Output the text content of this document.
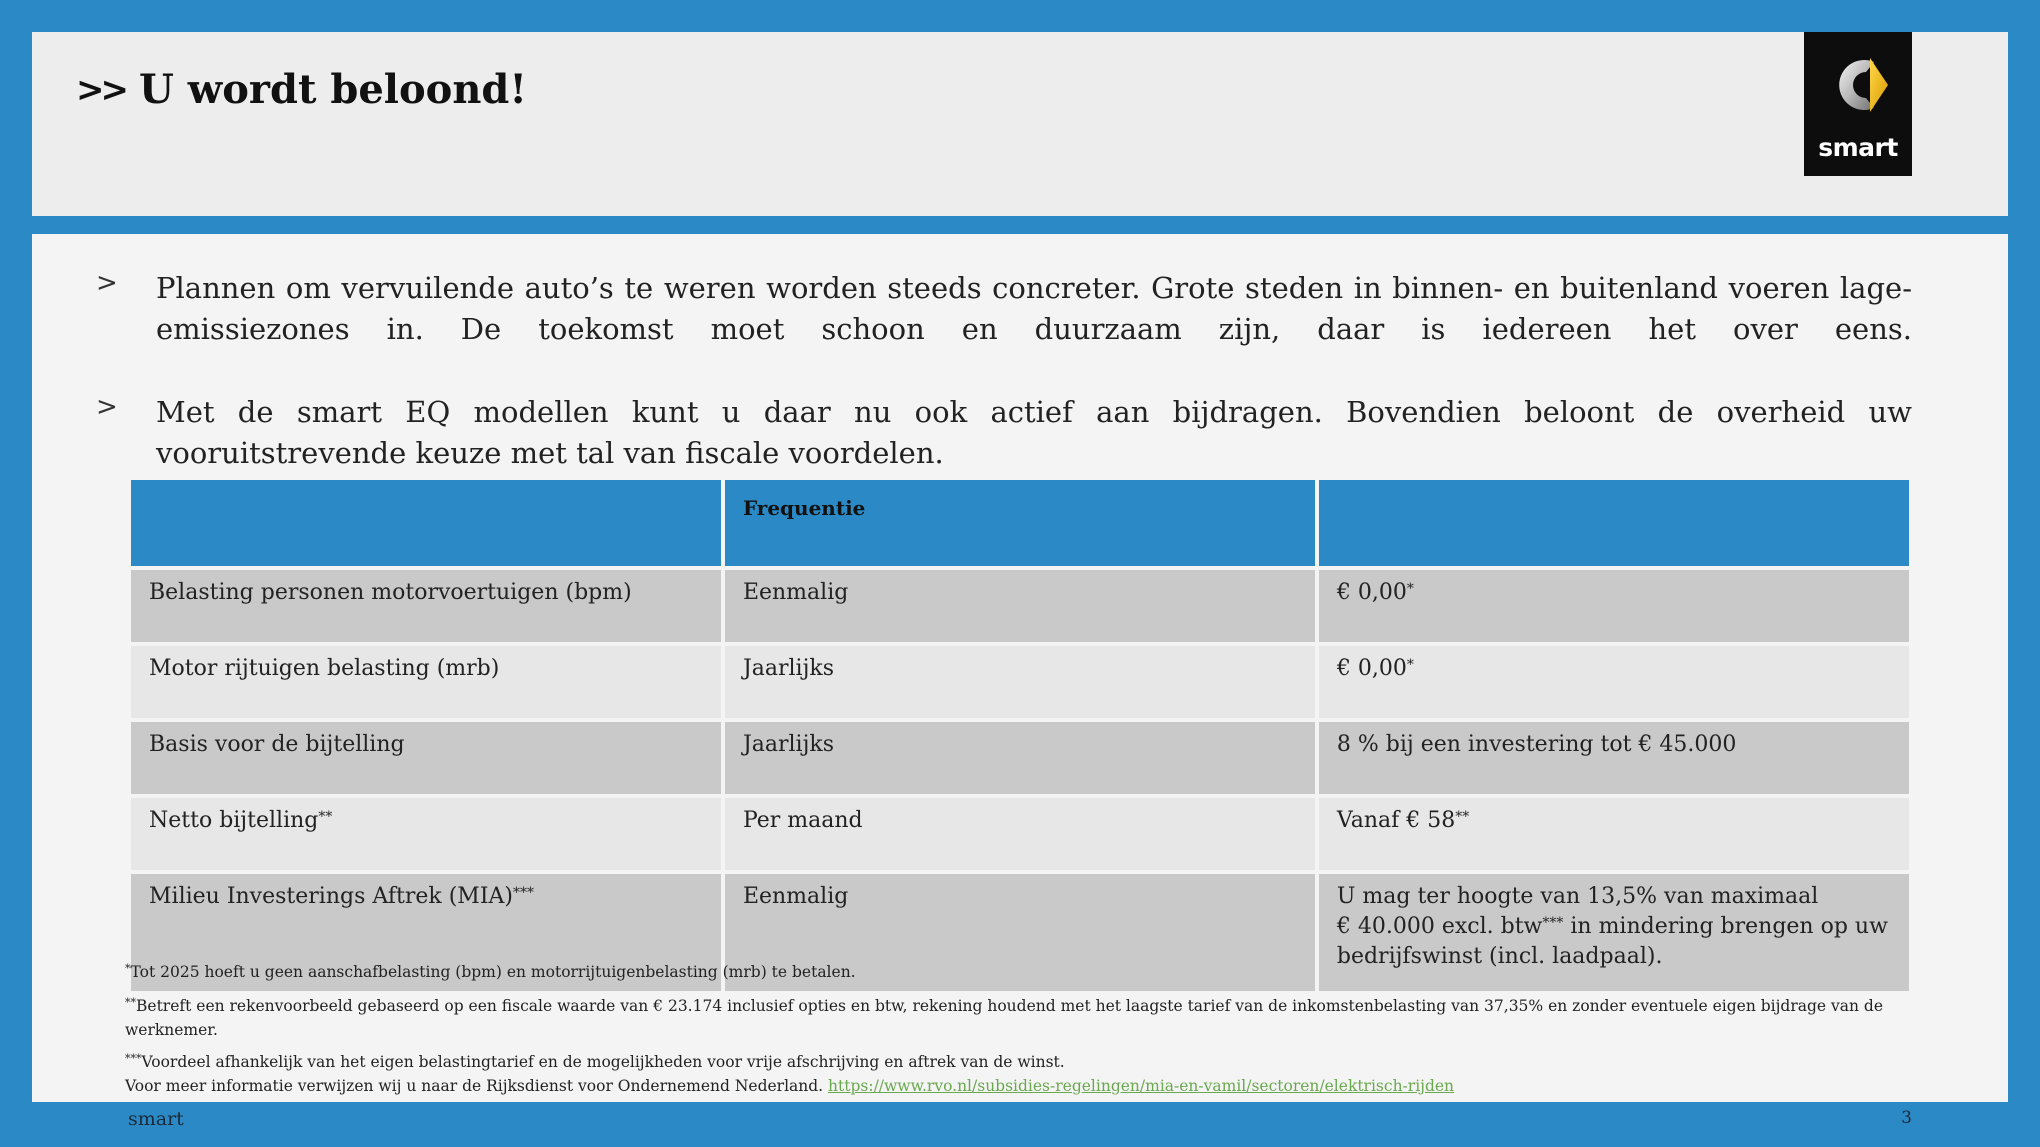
>> U wordt beloond!
smart
> Plannen om vervuilende auto’s te weren worden steeds concreter. Grote steden in binnen- en buitenland voeren lage-emissiezones in. De toekomst moet schoon en duurzaam zijn, daar is iedereen het over eens.
> Met de smart EQ modellen kunt u daar nu ook actief aan bijdragen. Bovendien beloont de overheid uw vooruitstrevende keuze met tal van fiscale voordelen.
	Frequentie	
Belasting personen motorvoertuigen (bpm)	Eenmalig	€ 0,00*
Motor rijtuigen belasting (mrb)	Jaarlijks	€ 0,00*
Basis voor de bijtelling	Jaarlijks	8 % bij een investering tot € 45.000
Netto bijtelling**	Per maand	Vanaf € 58**
Milieu Investerings Aftrek (MIA)***	Eenmalig	U mag ter hoogte van 13,5% van maximaal
€ 40.000 excl. btw*** in mindering brengen op uw
bedrijfswinst (incl. laadpaal).
*Tot 2025 hoeft u geen aanschafbelasting (bpm) en motorrijtuigenbelasting (mrb) te betalen.
**Betreft een rekenvoorbeeld gebaseerd op een fiscale waarde van € 23.174 inclusief opties en btw, rekening houdend met het laagste tarief van de inkomstenbelasting van 37,35% en zonder eventuele eigen bijdrage van de werknemer.
***Voordeel afhankelijk van het eigen belastingtarief en de mogelijkheden voor vrije afschrijving en aftrek van de winst.
Voor meer informatie verwijzen wij u naar de Rijksdienst voor Ondernemend Nederland. https://www.rvo.nl/subsidies-regelingen/mia-en-vamil/sectoren/elektrisch-rijden
smart	3
